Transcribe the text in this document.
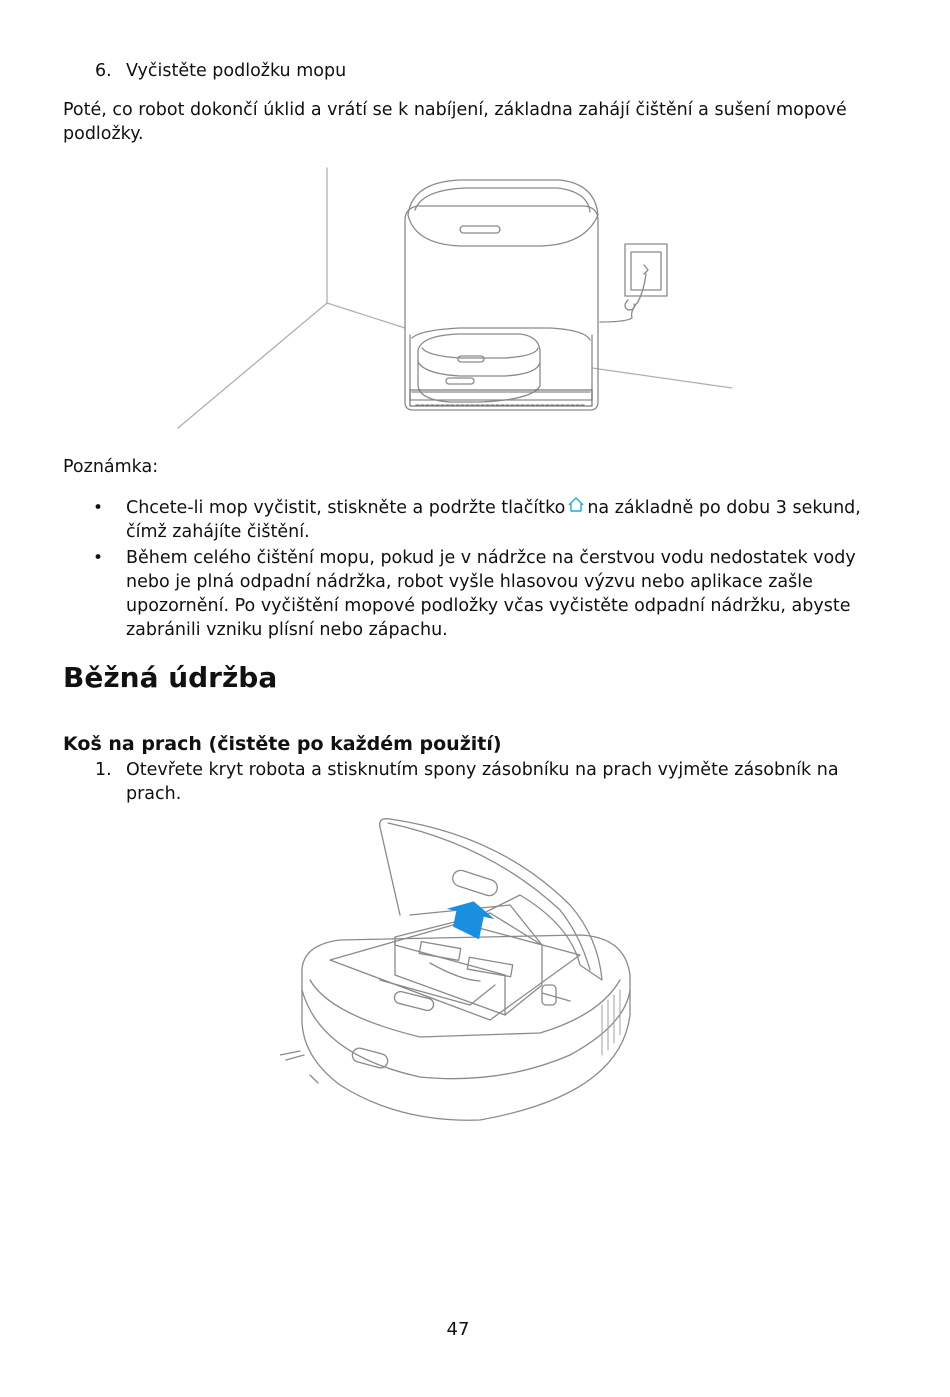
6. Vyčistěte podložku mopu
Poté, co robot dokončí úklid a vrátí se k nabíjení, základna zahájí čištění a sušení mopové
podložky.
Poznámka:
• Chcete-li mop vyčistit, stiskněte a podržte tlačítko na základně po dobu 3 sekund,
čímž zahájíte čištění.
• Během celého čištění mopu, pokud je v nádržce na čerstvou vodu nedostatek vody
nebo je plná odpadní nádržka, robot vyšle hlasovou výzvu nebo aplikace zašle
upozornění. Po vyčištění mopové podložky včas vyčistěte odpadní nádržku, abyste
zabránili vzniku plísní nebo zápachu.
Běžná údržba
Koš na prach (čistěte po každém použití)
1. Otevřete kryt robota a stisknutím spony zásobníku na prach vyjměte zásobník na
prach.
47
